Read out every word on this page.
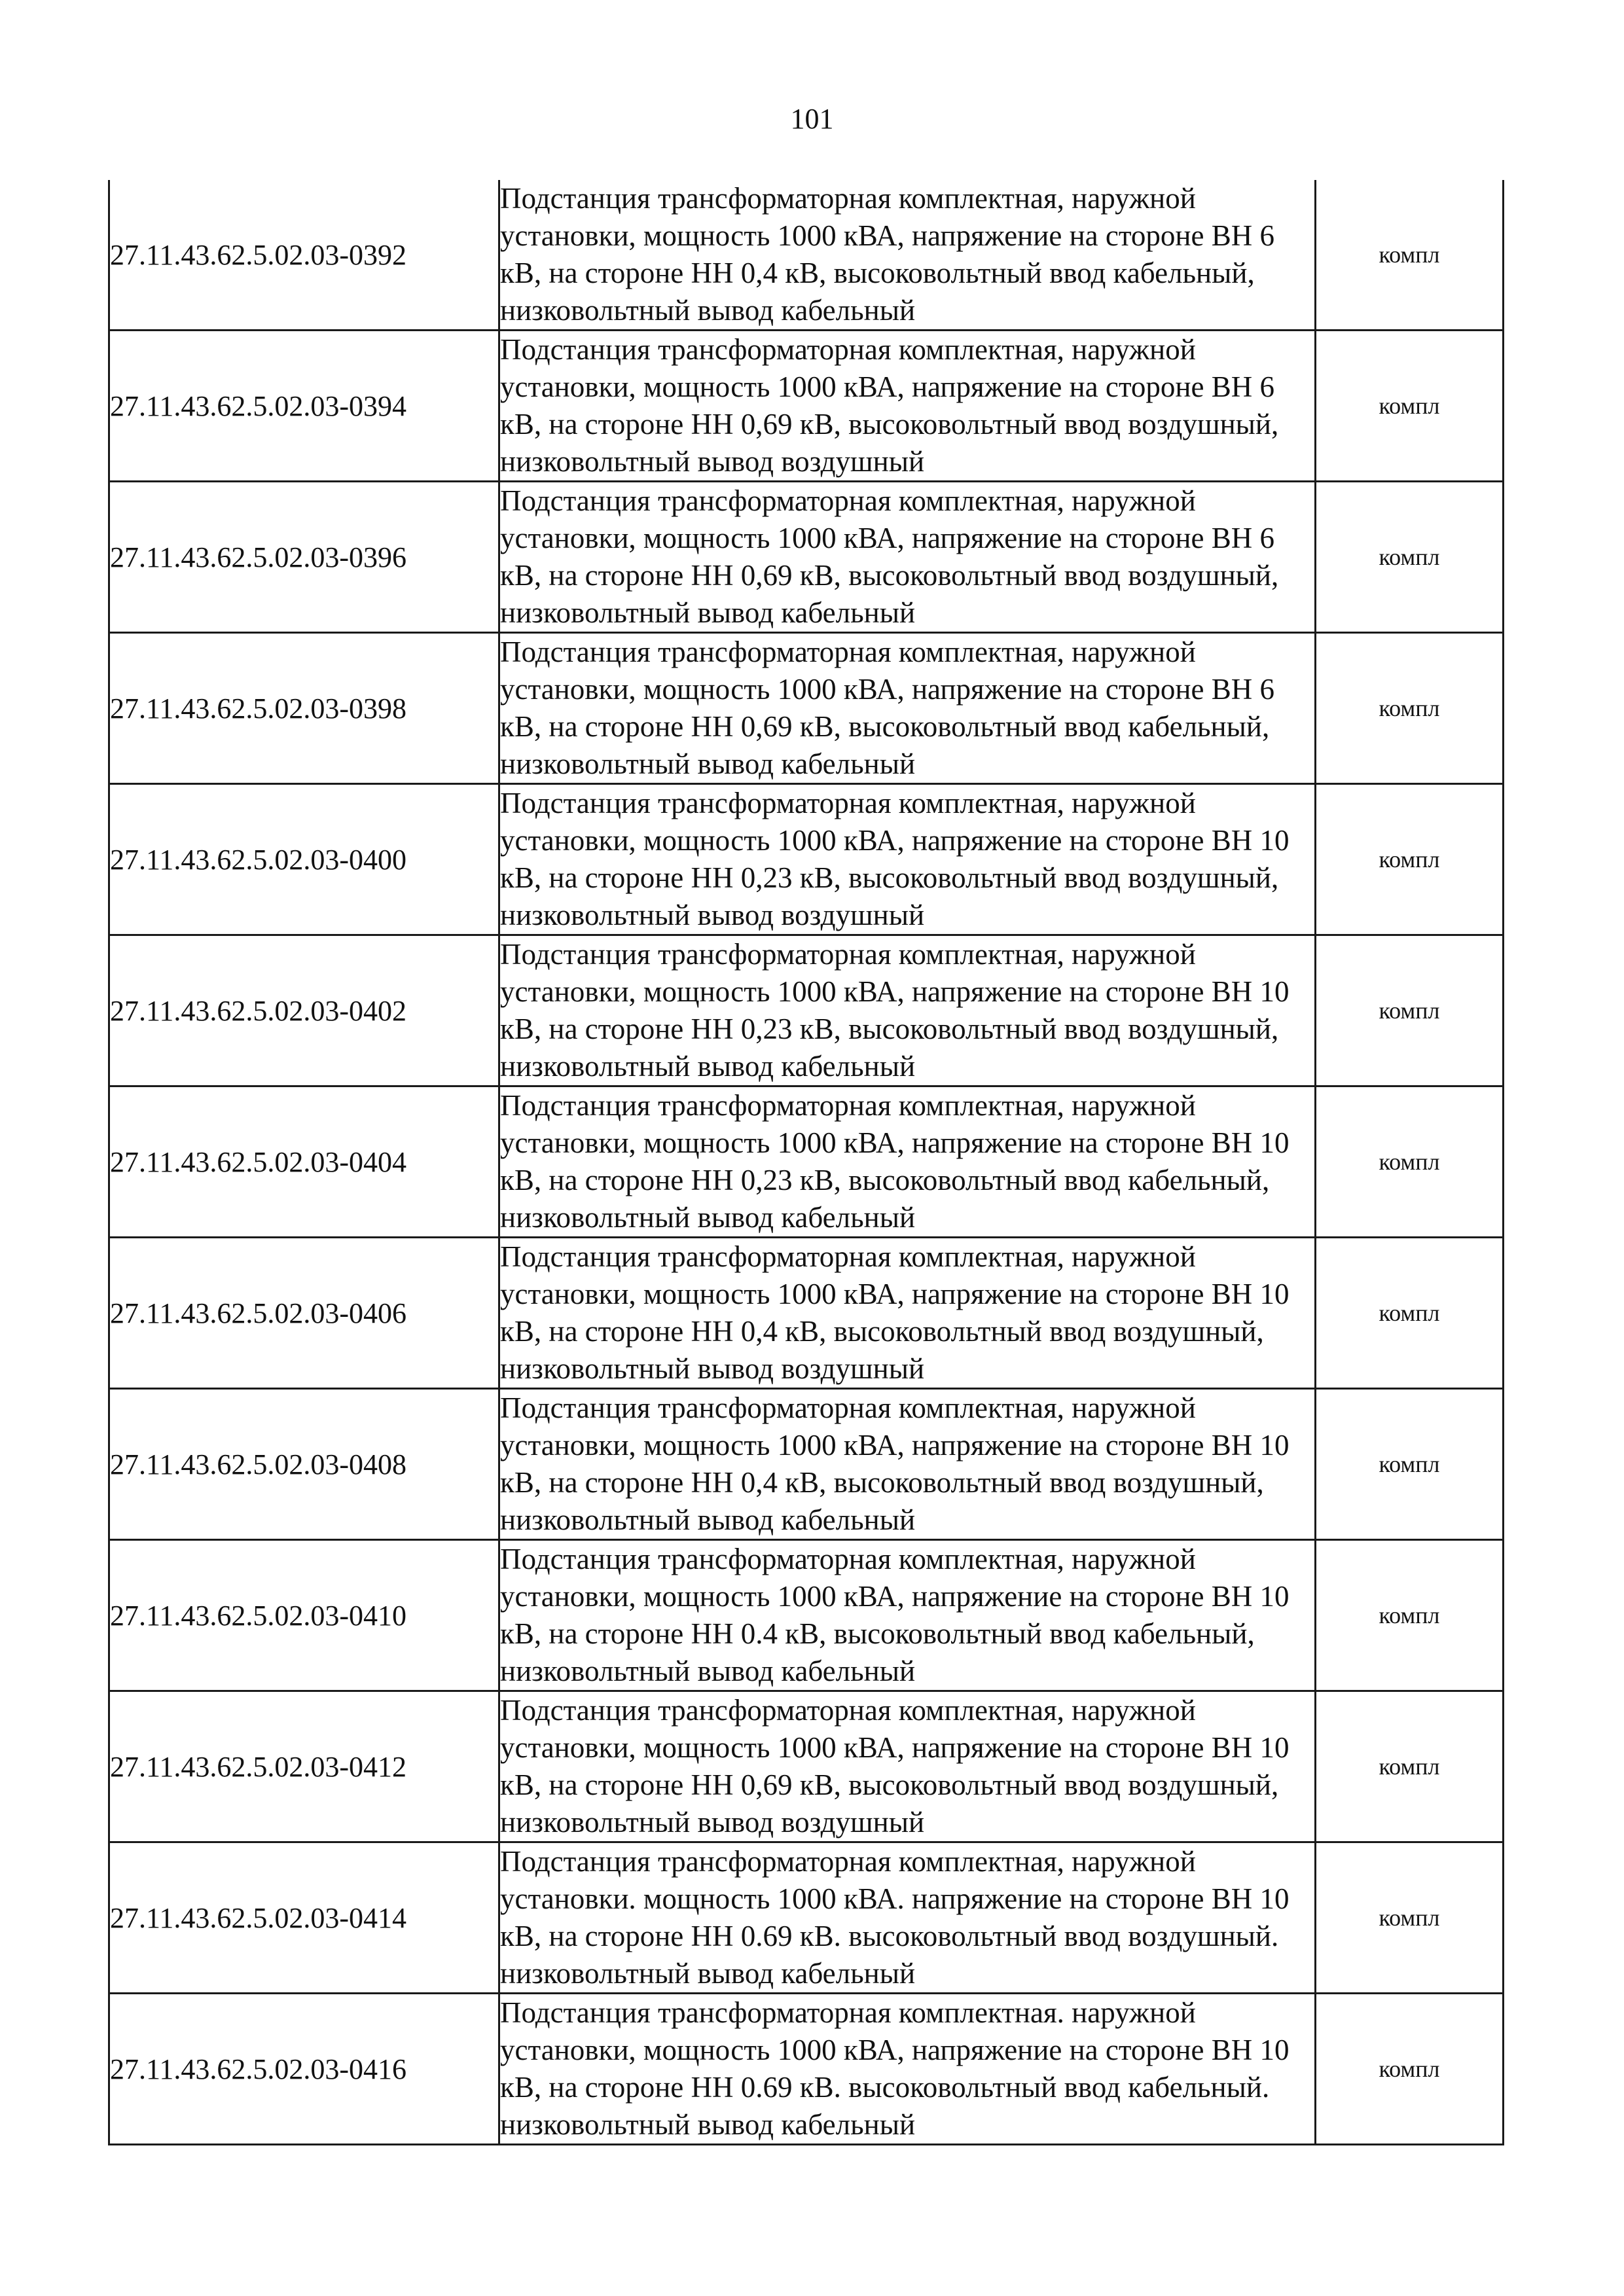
101
27.11.43.62.5.02.03-0392	Подстанция трансформаторная комплектная, наружной установки, мощность 1000 кВА, напряжение на стороне ВН 6 кВ, на стороне НН 0,4 кВ, высоковольтный ввод кабельный, низковольтный вывод кабельный	компл
27.11.43.62.5.02.03-0394	Подстанция трансформаторная комплектная, наружной установки, мощность 1000 кВА, напряжение на стороне ВН 6 кВ, на стороне НН 0,69 кВ, высоковольтный ввод воздушный, низковольтный вывод воздушный	компл
27.11.43.62.5.02.03-0396	Подстанция трансформаторная комплектная, наружной установки, мощность 1000 кВА, напряжение на стороне ВН 6 кВ, на стороне НН 0,69 кВ, высоковольтный ввод воздушный, низковольтный вывод кабельный	компл
27.11.43.62.5.02.03-0398	Подстанция трансформаторная комплектная, наружной установки, мощность 1000 кВА, напряжение на стороне ВН 6 кВ, на стороне НН 0,69 кВ, высоковольтный ввод кабельный, низковольтный вывод кабельный	компл
27.11.43.62.5.02.03-0400	Подстанция трансформаторная комплектная, наружной установки, мощность 1000 кВА, напряжение на стороне ВН 10 кВ, на стороне НН 0,23 кВ, высоковольтный ввод воздушный, низковольтный вывод воздушный	компл
27.11.43.62.5.02.03-0402	Подстанция трансформаторная комплектная, наружной установки, мощность 1000 кВА, напряжение на стороне ВН 10 кВ, на стороне НН 0,23 кВ, высоковольтный ввод воздушный, низковольтный вывод кабельный	компл
27.11.43.62.5.02.03-0404	Подстанция трансформаторная комплектная, наружной установки, мощность 1000 кВА, напряжение на стороне ВН 10 кВ, на стороне НН 0,23 кВ, высоковольтный ввод кабельный, низковольтный вывод кабельный	компл
27.11.43.62.5.02.03-0406	Подстанция трансформаторная комплектная, наружной установки, мощность 1000 кВА, напряжение на стороне ВН 10 кВ, на стороне НН 0,4 кВ, высоковольтный ввод воздушный, низковольтный вывод воздушный	компл
27.11.43.62.5.02.03-0408	Подстанция трансформаторная комплектная, наружной установки, мощность 1000 кВА, напряжение на стороне ВН 10 кВ, на стороне НН 0,4 кВ, высоковольтный ввод воздушный, низковольтный вывод кабельный	компл
27.11.43.62.5.02.03-0410	Подстанция трансформаторная комплектная, наружной установки, мощность 1000 кВА, напряжение на стороне ВН 10 кВ, на стороне НН 0.4 кВ, высоковольтный ввод кабельный, низковольтный вывод кабельный	компл
27.11.43.62.5.02.03-0412	Подстанция трансформаторная комплектная, наружной установки, мощность 1000 кВА, напряжение на стороне ВН 10 кВ, на стороне НН 0,69 кВ, высоковольтный ввод воздушный, низковольтный вывод воздушный	компл
27.11.43.62.5.02.03-0414	Подстанция трансформаторная комплектная, наружной установки. мощность 1000 кВА. напряжение на стороне ВН 10 кВ, на стороне НН 0.69 кВ. высоковольтный ввод воздушный. низковольтный вывод кабельный	компл
27.11.43.62.5.02.03-0416	Подстанция трансформаторная комплектная. наружной установки, мощность 1000 кВА, напряжение на стороне ВН 10 кВ, на стороне НН 0.69 кВ. высоковольтный ввод кабельный. низковольтный вывод кабельный	компл
